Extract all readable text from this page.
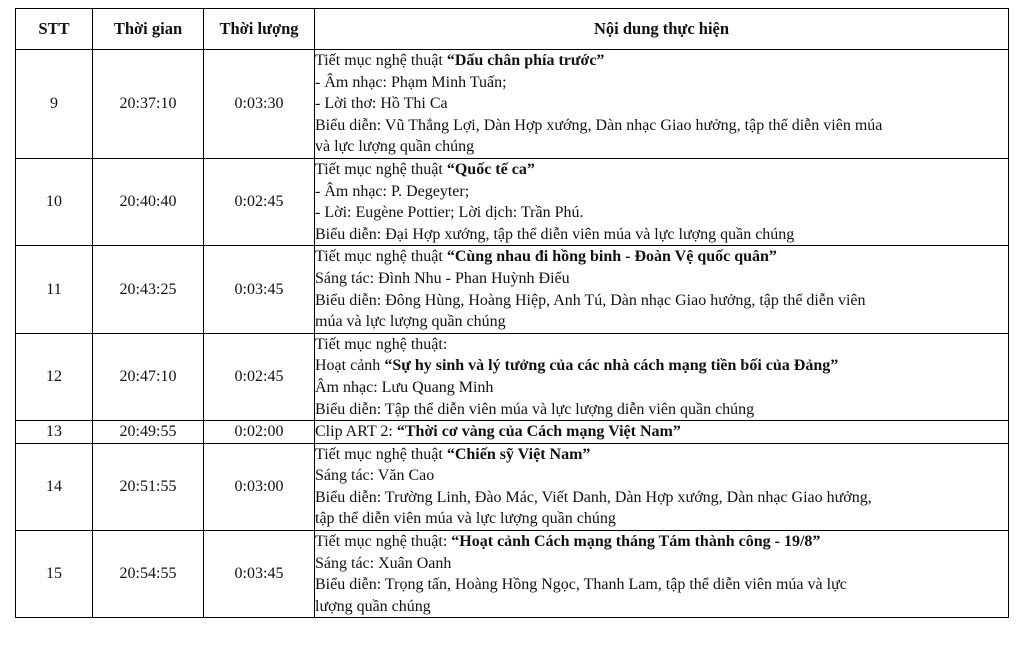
STT	Thời gian	Thời lượng	Nội dung thực hiện
9	20:37:10	0:03:30	Tiết mục nghệ thuật “Dấu chân phía trước”
- Âm nhạc: Phạm Minh Tuấn;
- Lời thơ: Hồ Thi Ca
Biểu diễn: Vũ Thắng Lợi, Dàn Hợp xướng, Dàn nhạc Giao hưởng, tập thể diễn viên múa
và lực lượng quần chúng

10	20:40:40	0:02:45	Tiết mục nghệ thuật “Quốc tế ca”
- Âm nhạc: P. Degeyter;
- Lời: Eugène Pottier; Lời dịch: Trần Phú.
Biểu diễn: Đại Hợp xướng, tập thể diễn viên múa và lực lượng quần chúng

11	20:43:25	0:03:45	Tiết mục nghệ thuật “Cùng nhau đi hồng binh - Đoàn Vệ quốc quân”
Sáng tác: Đình Nhu - Phan Huỳnh Điểu
Biểu diễn: Đông Hùng, Hoàng Hiệp, Anh Tú, Dàn nhạc Giao hưởng, tập thể diễn viên
múa và lực lượng quần chúng

12	20:47:10	0:02:45	Tiết mục nghệ thuật:
Hoạt cảnh “Sự hy sinh và lý tưởng của các nhà cách mạng tiền bối của Đảng”
Âm nhạc: Lưu Quang Minh
Biểu diễn: Tập thể diễn viên múa và lực lượng diễn viên quần chúng

13	20:49:55	0:02:00	Clip ART 2: “Thời cơ vàng của Cách mạng Việt Nam”

14	20:51:55	0:03:00	Tiết mục nghệ thuật “Chiến sỹ Việt Nam”
Sáng tác: Văn Cao
Biểu diễn: Trường Linh, Đào Mác, Viết Danh, Dàn Hợp xướng, Dàn nhạc Giao hưởng,
tập thể diễn viên múa và lực lượng quần chúng

15	20:54:55	0:03:45	Tiết mục nghệ thuật: “Hoạt cảnh Cách mạng tháng Tám thành công - 19/8”
Sáng tác: Xuân Oanh
Biểu diễn: Trọng tấn, Hoàng Hồng Ngọc, Thanh Lam, tập thể diễn viên múa và lực
lượng quần chúng
